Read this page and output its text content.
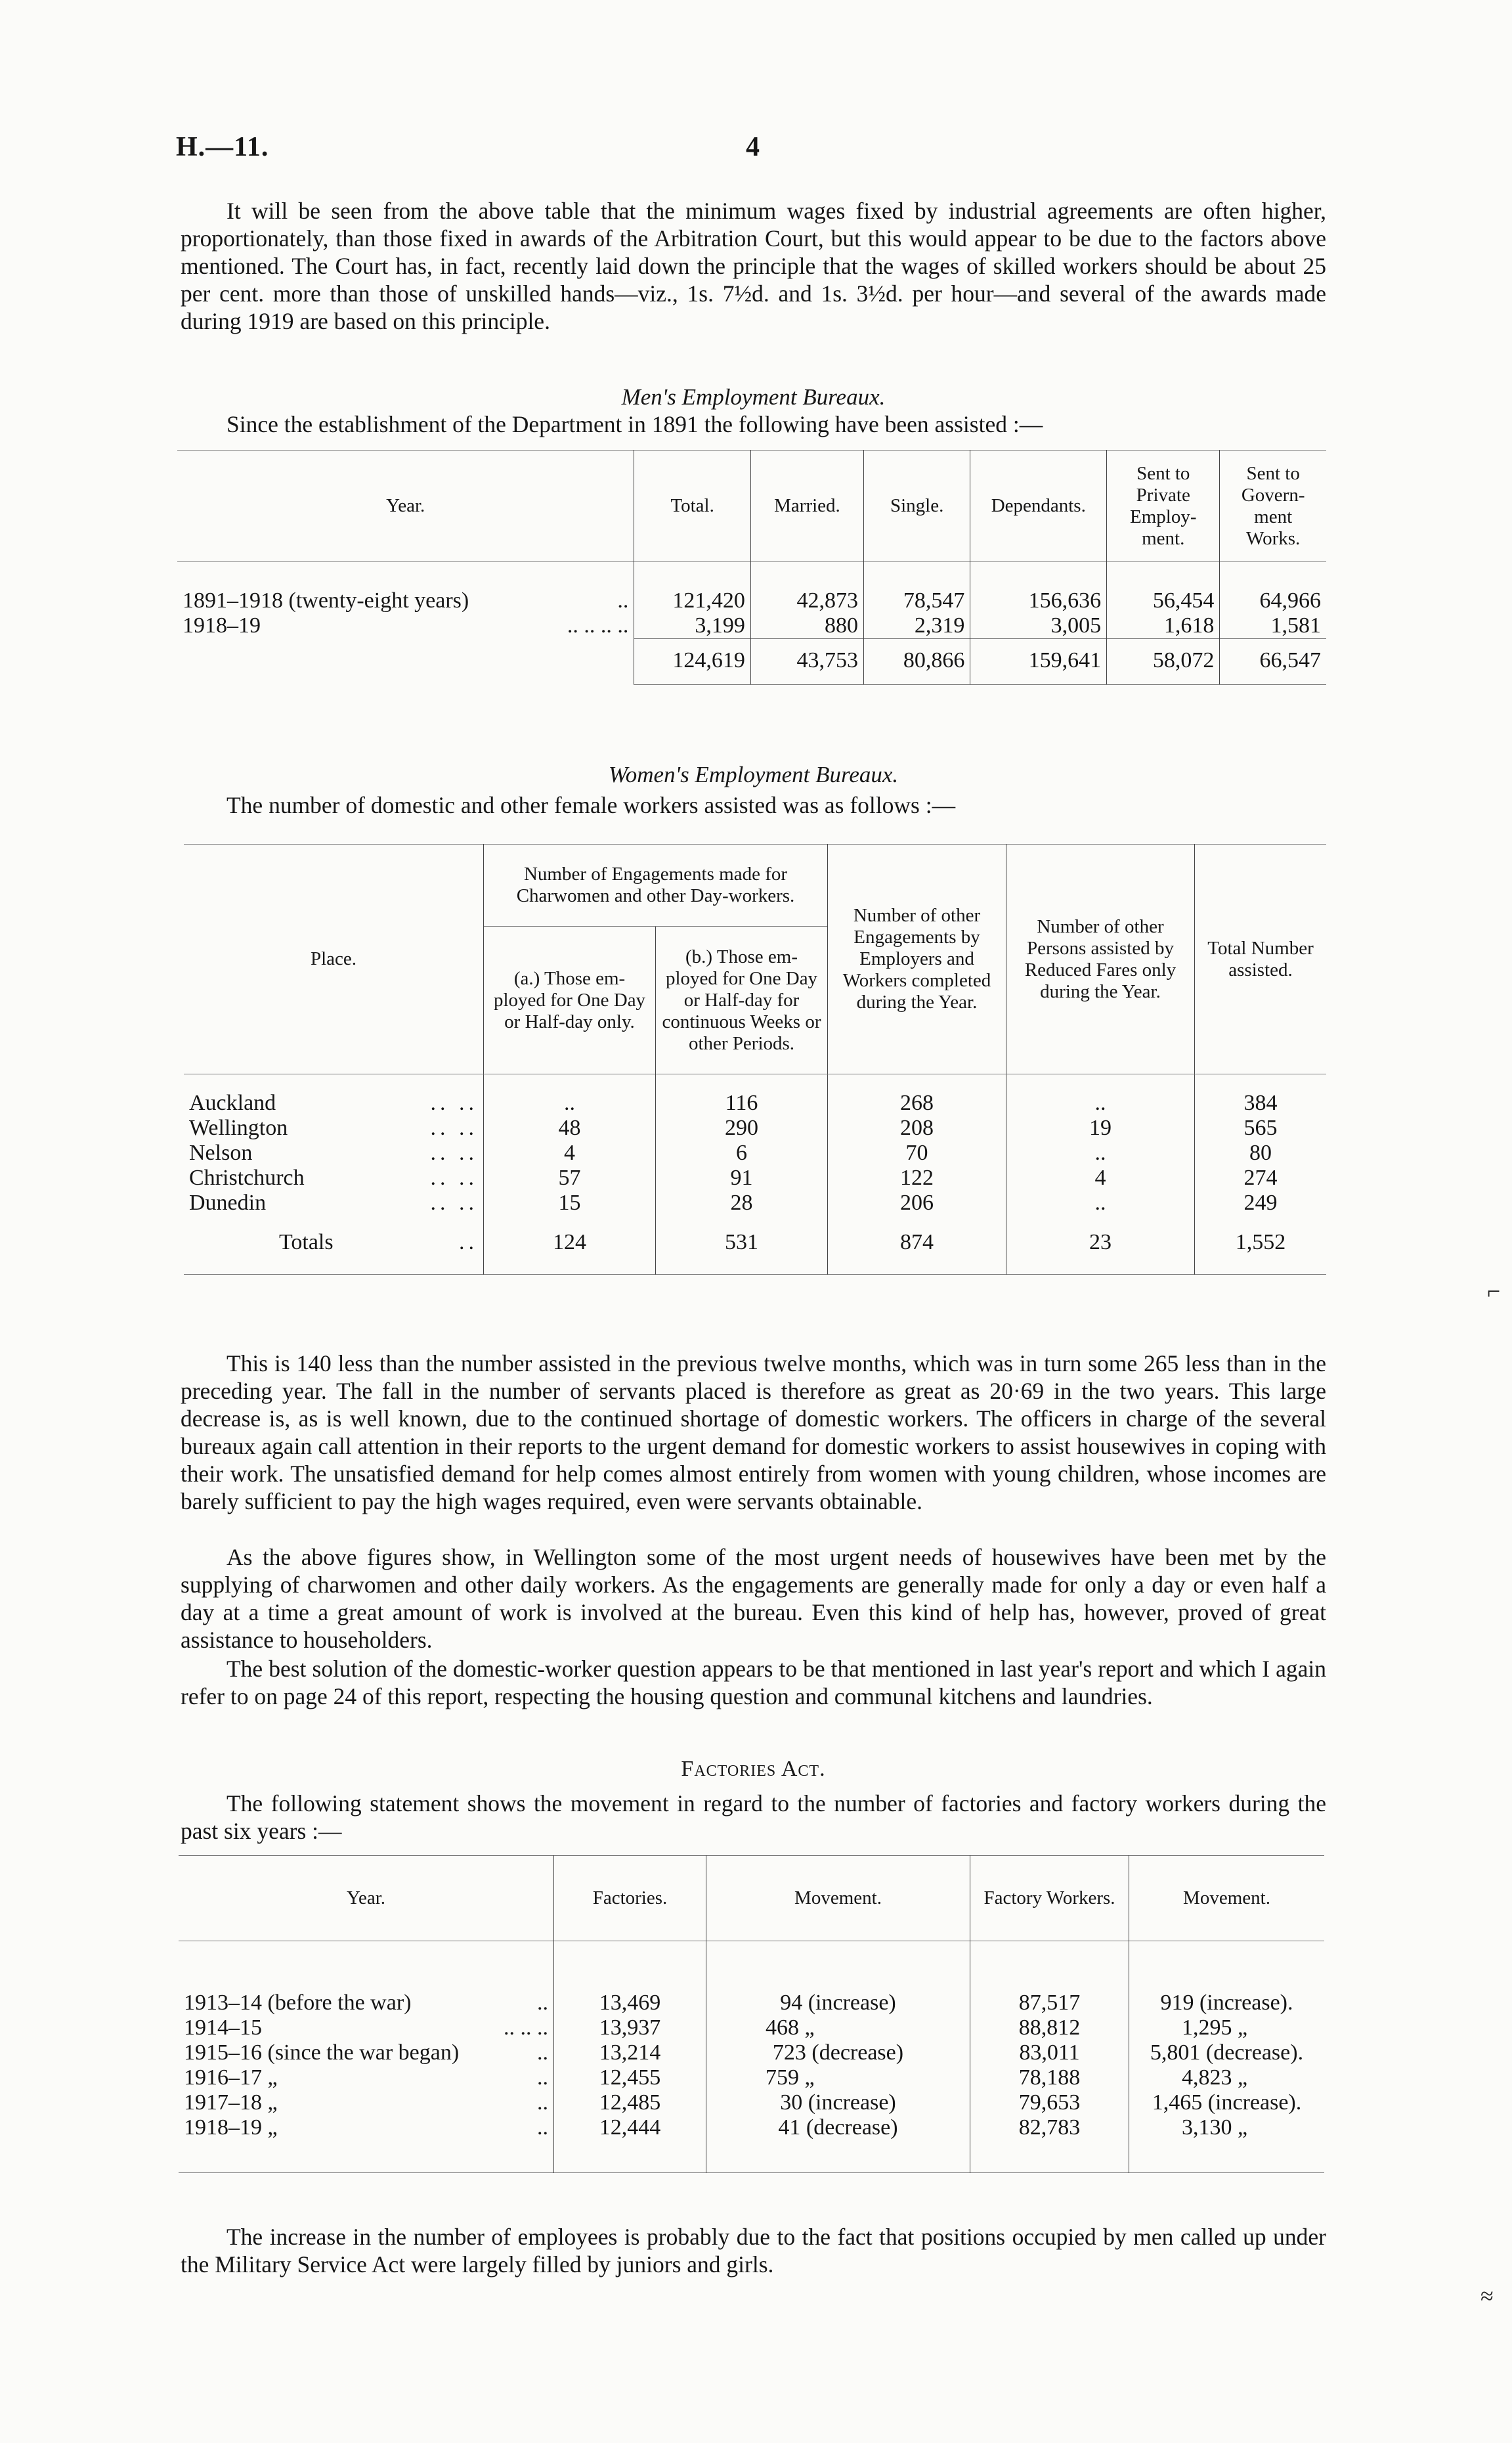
H.—11.	4

It will be seen from the above table that the minimum wages fixed by industrial agreements are often higher, proportionately, than those fixed in awards of the Arbitration Court, but this would appear to be due to the factors above mentioned. The Court has, in fact, recently laid down the principle that the wages of skilled workers should be about 25 per cent. more than those of unskilled hands—viz., 1s. 7½d. and 1s. 3½d. per hour—and several of the awards made during 1919 are based on this principle.

Men's Employment Bureaux.

Since the establishment of the Department in 1891 the following have been assisted :—

Year.	Total.	Married.	Single.	Dependants.	Sent to Private Employ-ment.	Sent to Govern-ment Works.

1891–1918 (twenty-eight years) ..	121,420	42,873	78,547	156,636	56,454	64,966
1918–19 .. .. .. ..	3,199	880	2,319	3,005	1,618	1,581
	124,619	43,753	80,866	159,641	58,072	66,547
Women's Employment Bureaux.

The number of domestic and other female workers assisted was as follows :—

Place.	Number of Engagements made for Charwomen and other Day-workers.		Number of other Engagements by Employers and Workers completed during the Year.	Number of other Persons assisted by Reduced Fares only during the Year.	Total Number assisted.
	(a.) Those em-ployed for One Day or Half-day only.	(b.) Those em-ployed for One Day or Half-day for continuous Weeks or other Periods.			

Auckland .. ..	..	116	268	..	384
Wellington .. ..	48	290	208	19	565
Nelson .. ..	4	6	70	..	80
Christchurch .. ..	57	91	122	4	274
Dunedin .. ..	15	28	206	..	249
Totals ..	124	531	874	23	1,552

This is 140 less than the number assisted in the previous twelve months, which was in turn some 265 less than in the preceding year. The fall in the number of servants placed is therefore as great as 20·69 in the two years. This large decrease is, as is well known, due to the continued shortage of domestic workers. The officers in charge of the several bureaux again call attention in their reports to the urgent demand for domestic workers to assist housewives in coping with their work. The unsatisfied demand for help comes almost entirely from women with young children, whose incomes are barely sufficient to pay the high wages required, even were servants obtainable.

As the above figures show, in Wellington some of the most urgent needs of housewives have been met by the supplying of charwomen and other daily workers. As the engagements are generally made for only a day or even half a day at a time a great amount of work is involved at the bureau. Even this kind of help has, however, proved of great assistance to householders.

The best solution of the domestic-worker question appears to be that mentioned in last year's report and which I again refer to on page 24 of this report, respecting the housing question and communal kitchens and laundries.

Factories Act.

The following statement shows the movement in regard to the number of factories and factory workers during the past six years :—

Year.	Factories.	Movement.	Factory Workers.	Movement.

1913–14 (before the war) ..	13,469	94 (increase)	87,517	919 (increase).
1914–15 .. .. ..	13,937	468 „	88,812	1,295 „
1915–16 (since the war began) ..	13,214	723 (decrease)	83,011	5,801 (decrease).
1916–17 „ ..	12,455	759 „	78,188	4,823 „
1917–18 „ ..	12,485	30 (increase)	79,653	1,465 (increase).
1918–19 „ ..	12,444	41 (decrease)	82,783	3,130 „

The increase in the number of employees is probably due to the fact that positions occupied by men called up under the Military Service Act were largely filled by juniors and girls.

⌐
≈
